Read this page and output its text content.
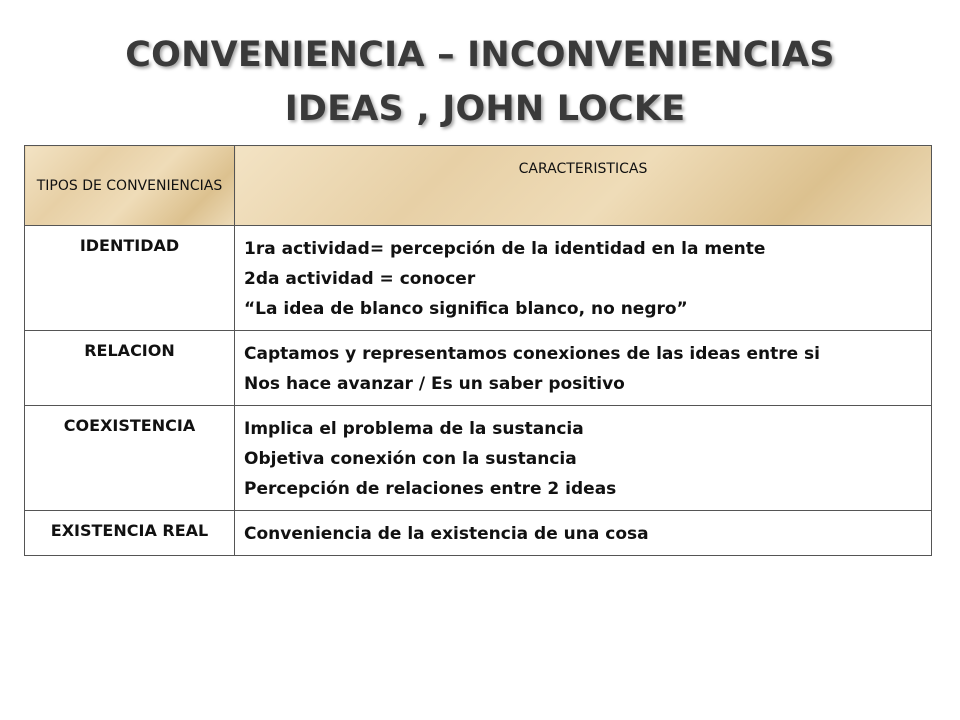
CONVENIENCIA – INCONVENIENCIAS
IDEAS , JOHN LOCKE
TIPOS DE CONVENIENCIAS	CARACTERISTICAS
IDENTIDAD	1ra actividad= percepción de la identidad en la mente
2da actividad = conocer
“La idea de blanco significa blanco, no negro”

RELACION	Captamos y representamos conexiones de las ideas entre si
Nos hace avanzar / Es un saber positivo

COEXISTENCIA	Implica el problema de la sustancia
Objetiva conexión con la sustancia
Percepción de relaciones entre 2 ideas

EXISTENCIA REAL	Conveniencia de la existencia de una cosa
